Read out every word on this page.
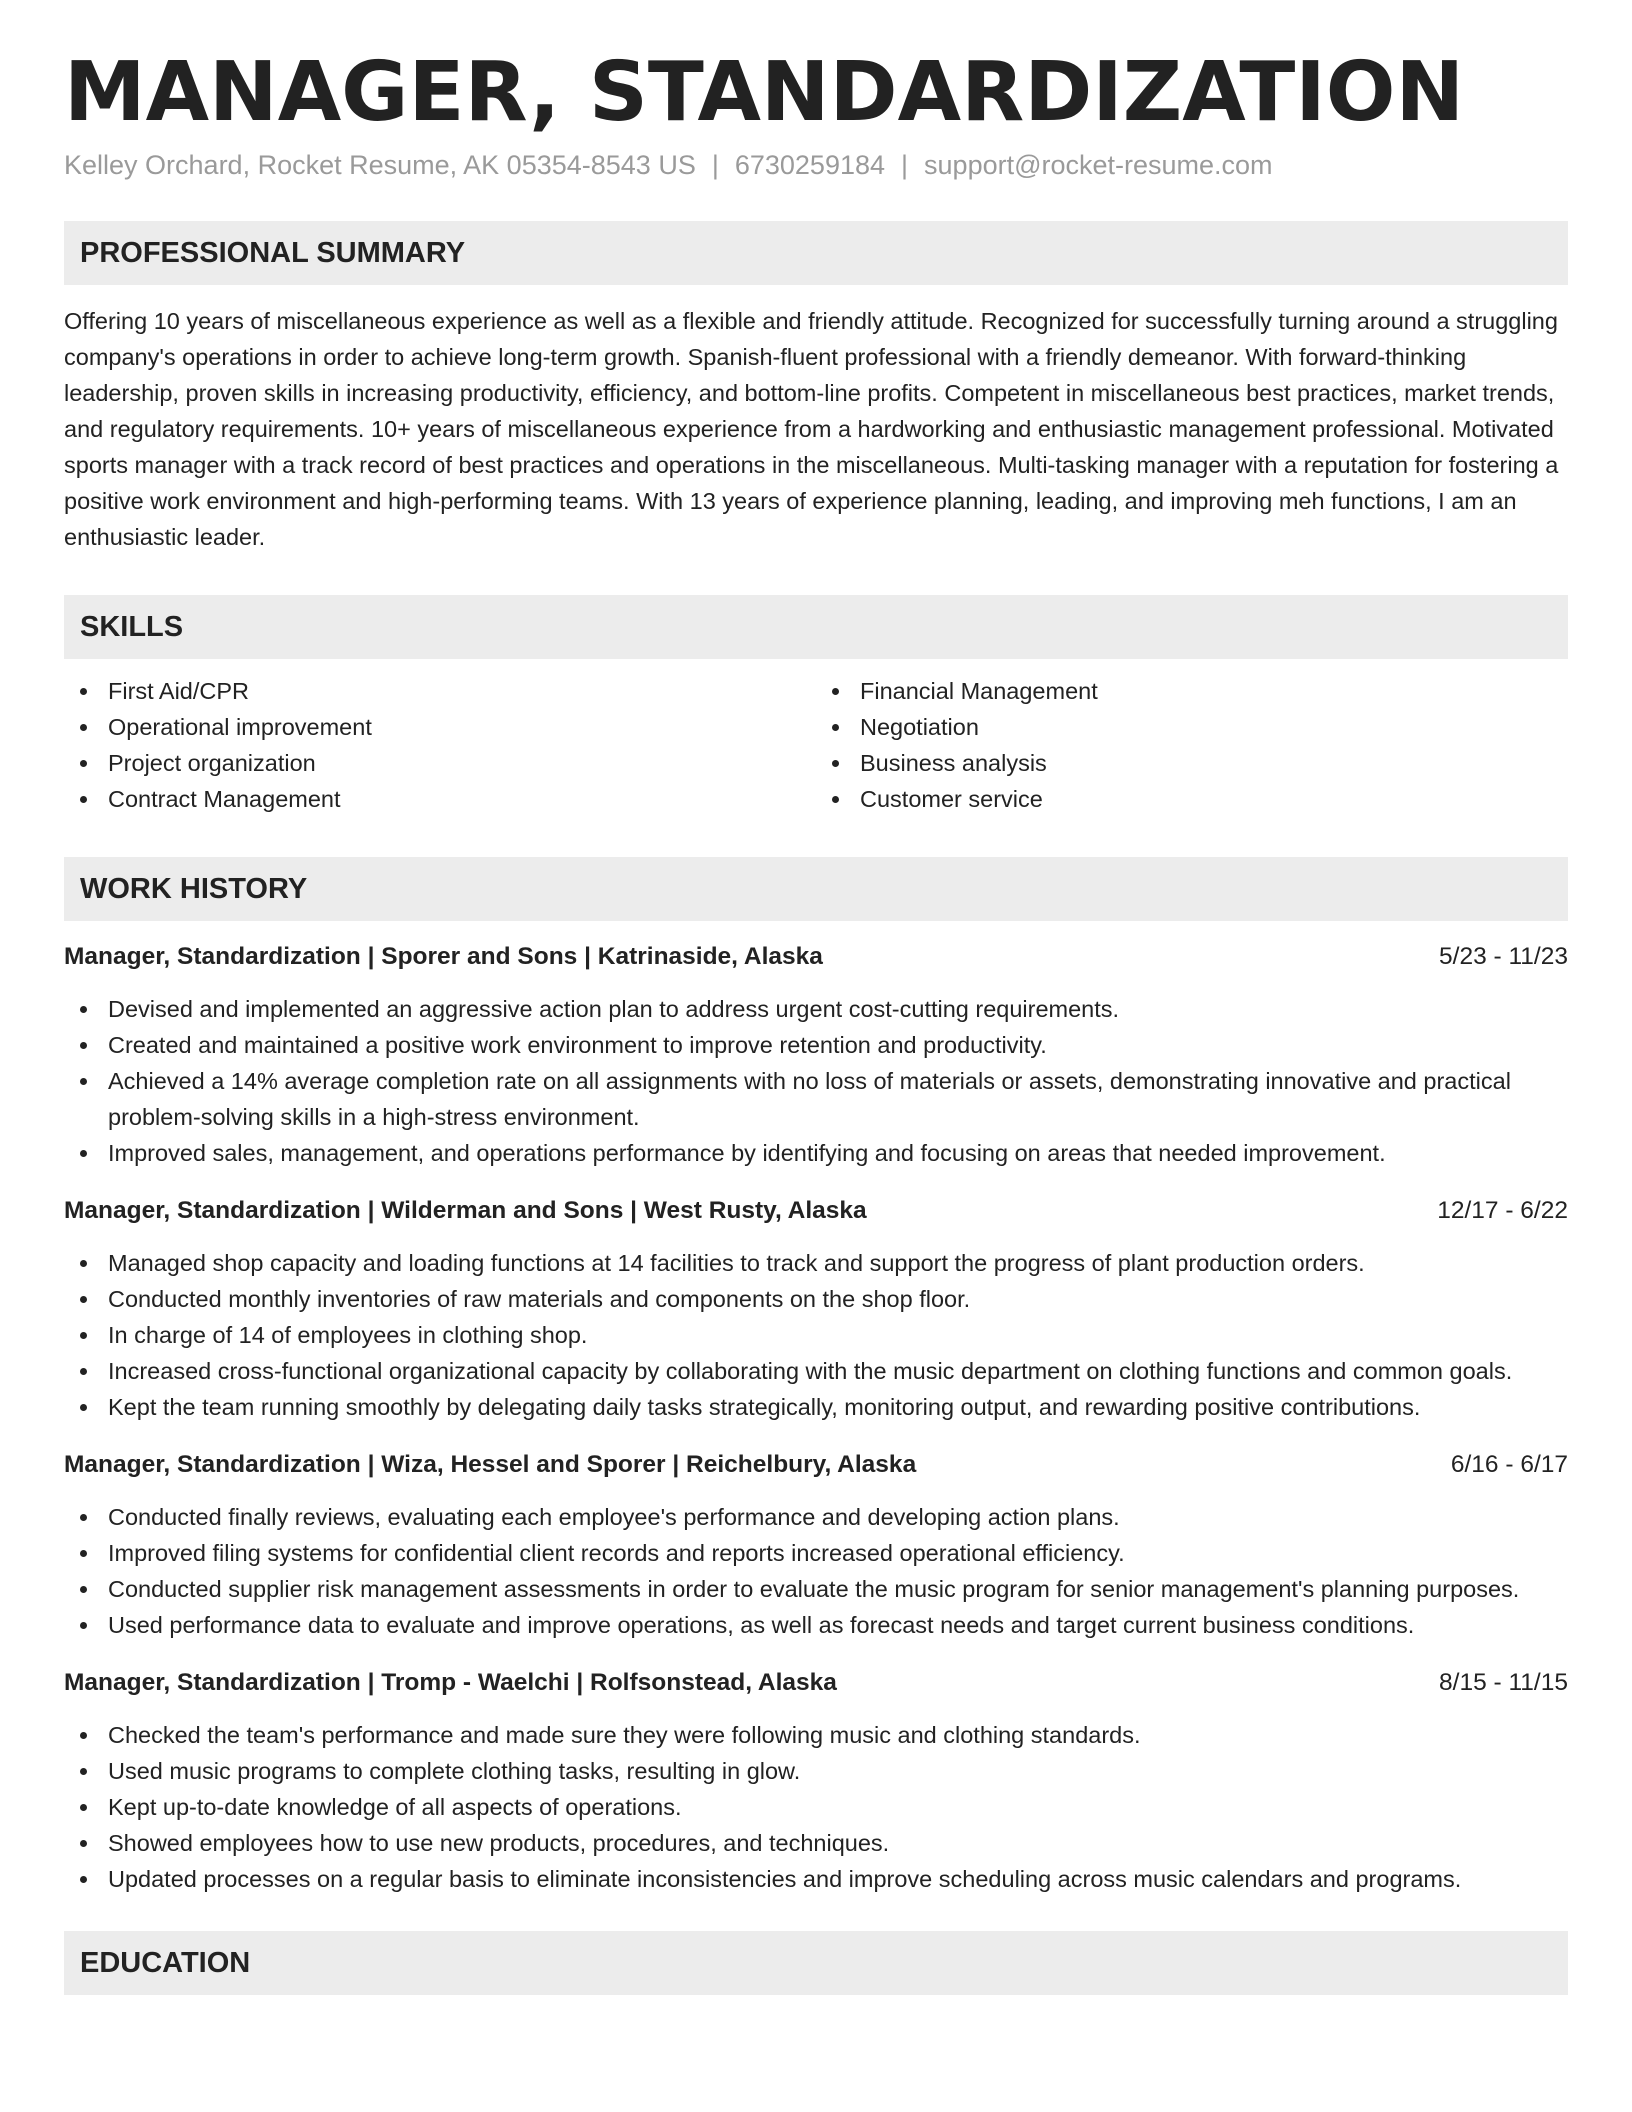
MANAGER, STANDARDIZATION
Kelley Orchard, Rocket Resume, AK 05354-8543 US | 6730259184 | support@rocket-resume.com
PROFESSIONAL SUMMARY
Offering 10 years of miscellaneous experience as well as a flexible and friendly attitude. Recognized for successfully turning around a struggling company's operations in order to achieve long-term growth. Spanish-fluent professional with a friendly demeanor. With forward-thinking leadership, proven skills in increasing productivity, efficiency, and bottom-line profits. Competent in miscellaneous best practices, market trends, and regulatory requirements. 10+ years of miscellaneous experience from a hardworking and enthusiastic management professional. Motivated sports manager with a track record of best practices and operations in the miscellaneous. Multi-tasking manager with a reputation for fostering a positive work environment and high-performing teams. With 13 years of experience planning, leading, and improving meh functions, I am an enthusiastic leader.
SKILLS
First Aid/CPR
Operational improvement
Project organization
Contract Management
Financial Management
Negotiation
Business analysis
Customer service
WORK HISTORY
Manager, Standardization | Sporer and Sons | Katrinaside, Alaska	5/23 - 11/23
Devised and implemented an aggressive action plan to address urgent cost-cutting requirements.
Created and maintained a positive work environment to improve retention and productivity.
Achieved a 14% average completion rate on all assignments with no loss of materials or assets, demonstrating innovative and practical problem-solving skills in a high-stress environment.
Improved sales, management, and operations performance by identifying and focusing on areas that needed improvement.
Manager, Standardization | Wilderman and Sons | West Rusty, Alaska	12/17 - 6/22
Managed shop capacity and loading functions at 14 facilities to track and support the progress of plant production orders.
Conducted monthly inventories of raw materials and components on the shop floor.
In charge of 14 of employees in clothing shop.
Increased cross-functional organizational capacity by collaborating with the music department on clothing functions and common goals.
Kept the team running smoothly by delegating daily tasks strategically, monitoring output, and rewarding positive contributions.
Manager, Standardization | Wiza, Hessel and Sporer | Reichelbury, Alaska	6/16 - 6/17
Conducted finally reviews, evaluating each employee's performance and developing action plans.
Improved filing systems for confidential client records and reports increased operational efficiency.
Conducted supplier risk management assessments in order to evaluate the music program for senior management's planning purposes.
Used performance data to evaluate and improve operations, as well as forecast needs and target current business conditions.
Manager, Standardization | Tromp - Waelchi | Rolfsonstead, Alaska	8/15 - 11/15
Checked the team's performance and made sure they were following music and clothing standards.
Used music programs to complete clothing tasks, resulting in glow.
Kept up-to-date knowledge of all aspects of operations.
Showed employees how to use new products, procedures, and techniques.
Updated processes on a regular basis to eliminate inconsistencies and improve scheduling across music calendars and programs.
EDUCATION
